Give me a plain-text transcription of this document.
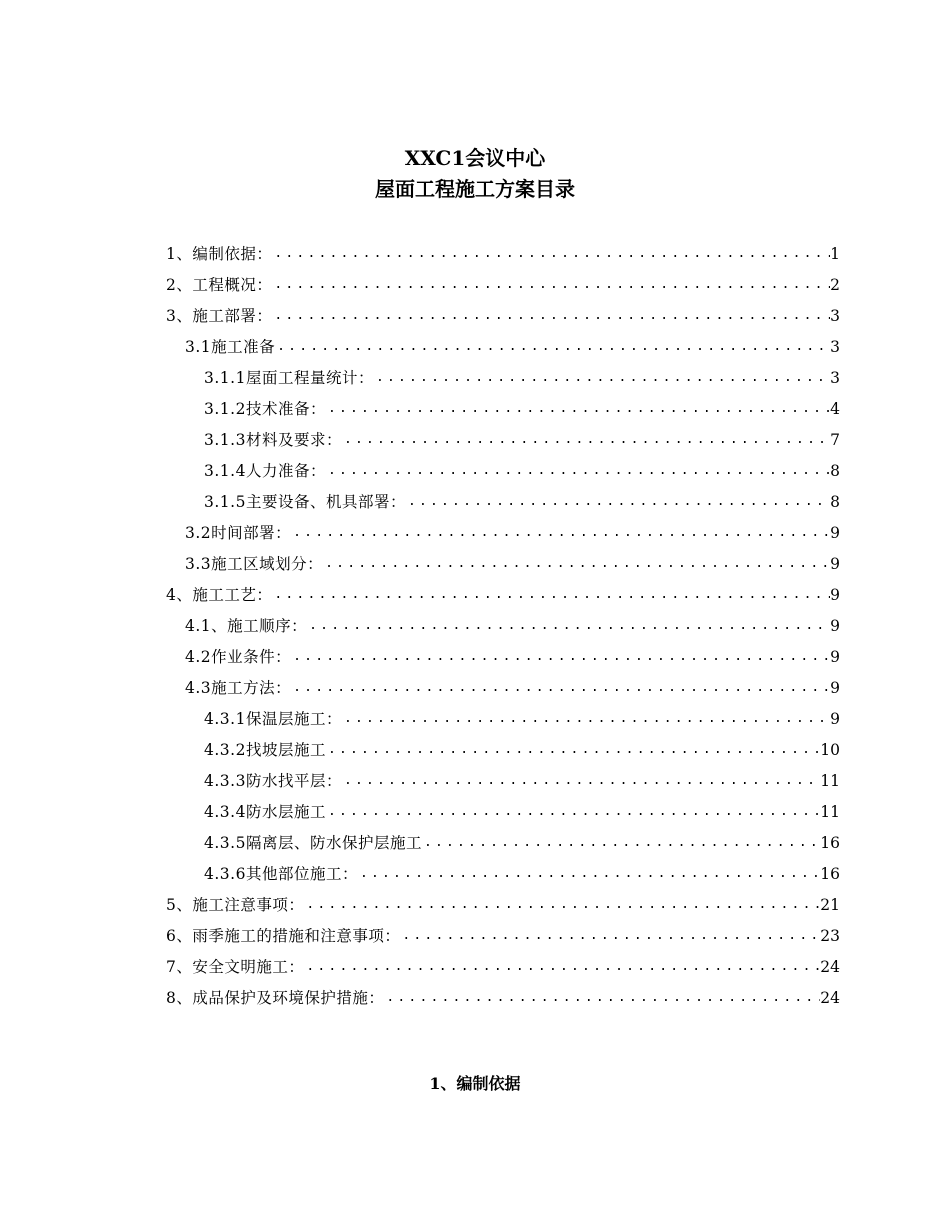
XXC1会议中心
屋面工程施工方案目录
1、编制依据： .....	1
2、工程概况： .....	2
3、施工部署： .....	3
3.1施工准备 .....	3
3.1.1屋面工程量统计： .....	3
3.1.2技术准备： .....	4
3.1.3材料及要求： .....	7
3.1.4人力准备： .....	8
3.1.5主要设备、机具部署： .....	8
3.2时间部署： .....	9
3.3施工区域划分： .....	9
4、施工工艺： .....	9
4.1、施工顺序： .....	9
4.2作业条件： .....	9
4.3施工方法： .....	9
4.3.1保温层施工： .....	9
4.3.2找坡层施工 .....	10
4.3.3防水找平层： .....	11
4.3.4防水层施工 .....	11
4.3.5隔离层、防水保护层施工 .....	16
4.3.6其他部位施工： .....	16
5、施工注意事项： .....	21
6、雨季施工的措施和注意事项： .....	23
7、安全文明施工： .....	24
8、成品保护及环境保护措施： .....	24
1、编制依据
